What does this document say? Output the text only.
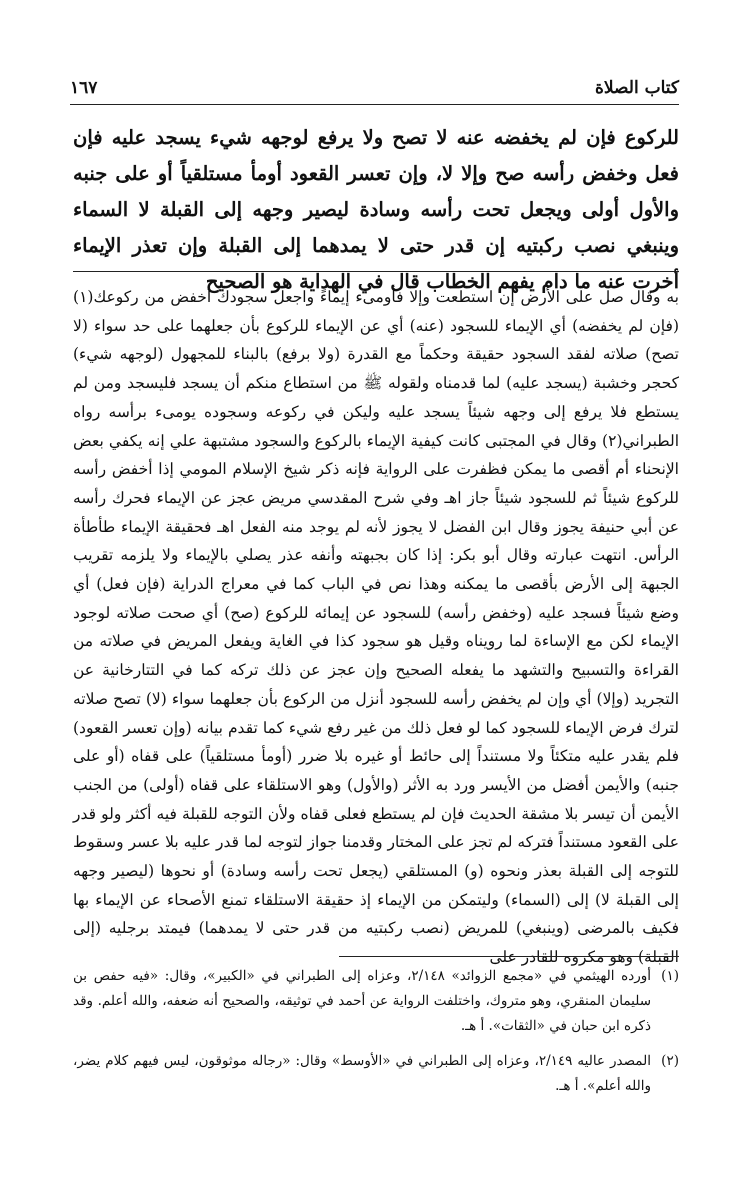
كتاب الصلاة
١٦٧

للركوع فإن لم يخفضه عنه لا تصح ولا يرفع لوجهه شيء يسجد عليه فإن فعل وخفض رأسه صح وإلا لا، وإن تعسر القعود أومأ مستلقياً أو على جنبه والأول أولى ويجعل تحت رأسه وسادة ليصير وجهه إلى القبلة لا السماء وينبغي نصب ركبتيه إن قدر حتى لا يمدهما إلى القبلة وإن تعذر الإيماء أخرت عنه ما دام يفهم الخطاب قال في الهداية هو الصحيح

به وقال صل على الأرض إن استطعت وإلا فأومىء إيماءً واجعل سجودك أخفض من ركوعك(١) (فإن لم يخفضه) أي الإيماء للسجود (عنه) أي عن الإيماء للركوع بأن جعلهما على حد سواء (لا تصح) صلاته لفقد السجود حقيقة وحكماً مع القدرة (ولا برفع) بالبناء للمجهول (لوجهه شيء) كحجر وخشبة (يسجد عليه) لما قدمناه ولقوله ﷺ من استطاع منكم أن يسجد فليسجد ومن لم يستطع فلا يرفع إلى وجهه شيئاً يسجد عليه وليكن في ركوعه وسجوده يومىء برأسه رواه الطبراني(٢) وقال في المجتبى كانت كيفية الإيماء بالركوع والسجود مشتبهة علي إنه يكفي بعض الإنحناء أم أقصى ما يمكن فظفرت على الرواية فإنه ذكر شيخ الإسلام المومي إذا أخفض رأسه للركوع شيئاً ثم للسجود شيئاً جاز اهـ وفي شرح المقدسي مريض عجز عن الإيماء فحرك رأسه عن أبي حنيفة يجوز وقال ابن الفضل لا يجوز لأنه لم يوجد منه الفعل اهـ فحقيقة الإيماء طأطأة الرأس. انتهت عبارته وقال أبو بكر: إذا كان بجبهته وأنفه عذر يصلي بالإيماء ولا يلزمه تقريب الجبهة إلى الأرض بأقصى ما يمكنه وهذا نص في الباب كما في معراج الدراية (فإن فعل) أي وضع شيئاً فسجد عليه (وخفض رأسه) للسجود عن إيمائه للركوع (صح) أي صحت صلاته لوجود الإيماء لكن مع الإساءة لما رويناه وقيل هو سجود كذا في الغاية ويفعل المريض في صلاته من القراءة والتسبيح والتشهد ما يفعله الصحيح وإن عجز عن ذلك تركه كما في التتارخانية عن التجريد (وإلا) أي وإن لم يخفض رأسه للسجود أنزل من الركوع بأن جعلهما سواء (لا) تصح صلاته لترك فرض الإيماء للسجود كما لو فعل ذلك من غير رفع شيء كما تقدم بيانه (وإن تعسر القعود) فلم يقدر عليه متكئاً ولا مستنداً إلى حائط أو غيره بلا ضرر (أومأ مستلقياً) على قفاه (أو على جنبه) والأيمن أفضل من الأيسر ورد به الأثر (والأول) وهو الاستلقاء على قفاه (أولى) من الجنب الأيمن أن تيسر بلا مشقة الحديث فإن لم يستطع فعلى قفاه ولأن التوجه للقبلة فيه أكثر ولو قدر على القعود مستنداً فتركه لم تجز على المختار وقدمنا جواز لتوجه لما قدر عليه بلا عسر وسقوط للتوجه إلى القبلة بعذر ونحوه (و) المستلقي (يجعل تحت رأسه وسادة) أو نحوها (ليصير وجهه إلى القبلة لا) إلى (السماء) وليتمكن من الإيماء إذ حقيقة الاستلقاء تمنع الأصحاء عن الإيماء بها فكيف بالمرضى (وينبغي) للمريض (نصب ركبتيه من قدر حتى لا يمدهما) فيمتد برجليه (إلى القبلة) وهو مكروه للقادر على

(١)
أورده الهيثمي في «مجمع الزوائد» ٢/١٤٨، وعزاه إلى الطبراني في «الكبير»، وقال: «فيه حفص بن سليمان المنقري، وهو متروك، واختلفت الرواية عن أحمد في توثيقه، والصحيح أنه ضعفه، والله أعلم. وقد ذكره ابن حبان في «الثقات». أ هـ.
(٢)
المصدر عاليه ٢/١٤٩، وعزاه إلى الطبراني في «الأوسط» وقال: «رجاله موثوقون، ليس فيهم كلام يضر، والله أعلم». أ هـ.
